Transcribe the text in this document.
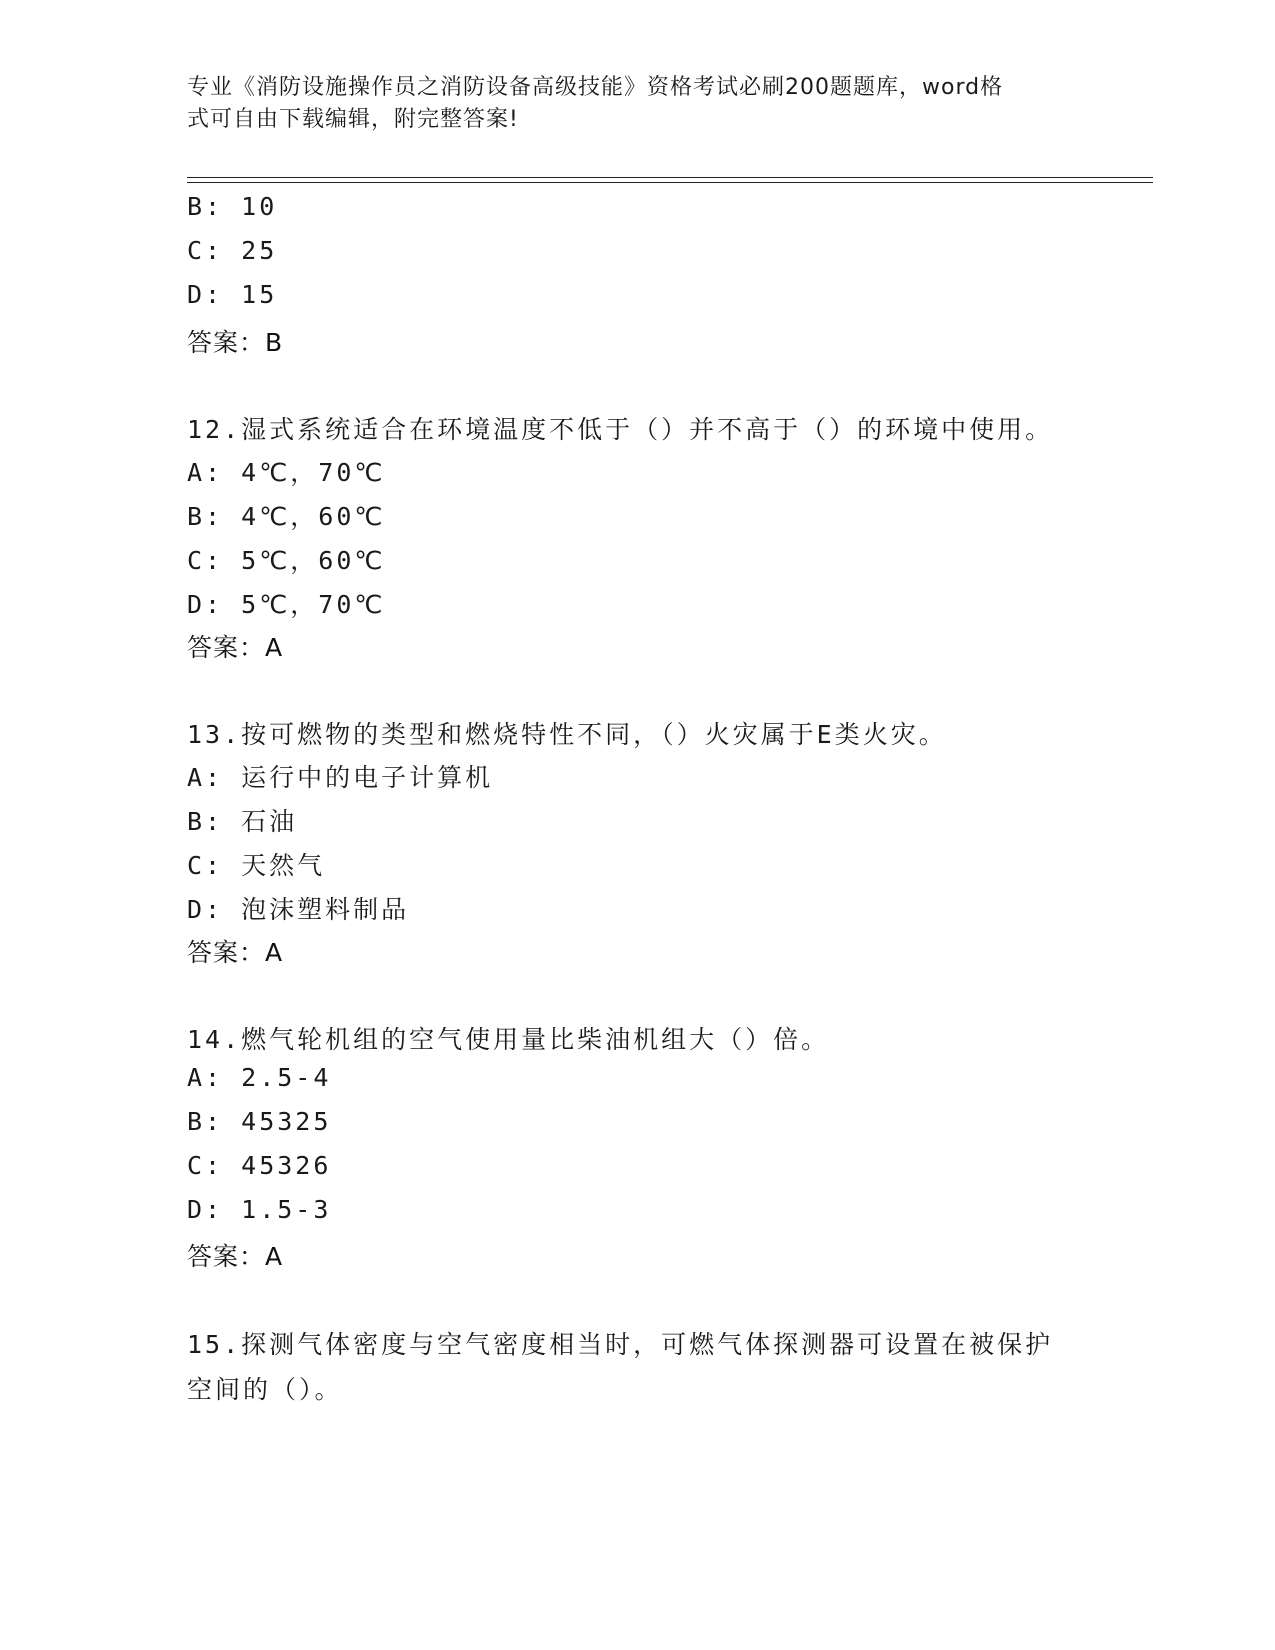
专业《消防设施操作员之消防设备高级技能》资格考试必刷200题题库，word格
式可自由下载编辑，附完整答案!
B: 10
C: 25
D: 15
答案：B
12.湿式系统适合在环境温度不低于（）并不高于（）的环境中使用。
A: 4℃，70℃
B: 4℃，60℃
C: 5℃，60℃
D: 5℃，70℃
答案：A
13.按可燃物的类型和燃烧特性不同，（）火灾属于E类火灾。
A: 运行中的电子计算机
B: 石油
C: 天然气
D: 泡沫塑料制品
答案：A
14.燃气轮机组的空气使用量比柴油机组大（）倍。
A: 2.5-4
B: 45325
C: 45326
D: 1.5-3
答案：A
15.探测气体密度与空气密度相当时，可燃气体探测器可设置在被保护空间的（）。
